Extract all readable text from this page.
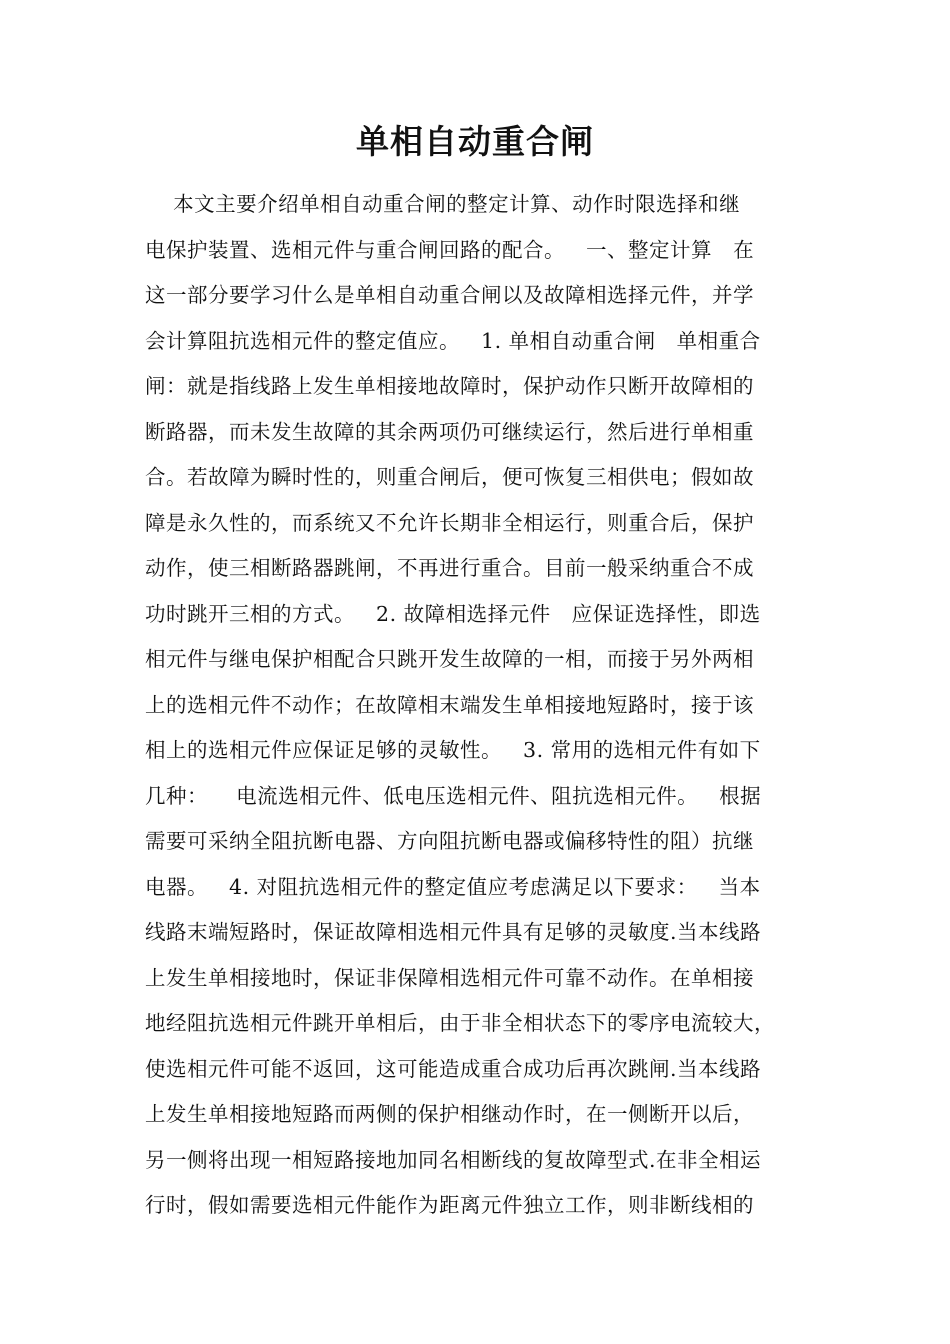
单相自动重合闸
本文主要介绍单相自动重合闸的整定计算、动作时限选择和继
电保护装置、选相元件与重合闸回路的配合。   一、整定计算   在
这一部分要学习什么是单相自动重合闸以及故障相选择元件，并学
会计算阻抗选相元件的整定值应。   1. 单相自动重合闸   单相重合
闸：就是指线路上发生单相接地故障时，保护动作只断开故障相的
断路器，而未发生故障的其余两项仍可继续运行，然后进行单相重
合。若故障为瞬时性的，则重合闸后，便可恢复三相供电；假如故
障是永久性的，而系统又不允许长期非全相运行，则重合后，保护
动作，使三相断路器跳闸，不再进行重合。目前一般采纳重合不成
功时跳开三相的方式。   2. 故障相选择元件   应保证选择性，即选
相元件与继电保护相配合只跳开发生故障的一相，而接于另外两相
上的选相元件不动作；在故障相末端发生单相接地短路时，接于该
相上的选相元件应保证足够的灵敏性。   3. 常用的选相元件有如下
几种：    电流选相元件、低电压选相元件、阻抗选相元件。   根据
需要可采纳全阻抗断电器、方向阻抗断电器或偏移特性的阻）抗继
电器。   4. 对阻抗选相元件的整定值应考虑满足以下要求：   当本
线路末端短路时，保证故障相选相元件具有足够的灵敏度.当本线路
上发生单相接地时，保证非保障相选相元件可靠不动作。在单相接
地经阻抗选相元件跳开单相后，由于非全相状态下的零序电流较大，
使选相元件可能不返回，这可能造成重合成功后再次跳闸.当本线路
上发生单相接地短路而两侧的保护相继动作时，在一侧断开以后，
另一侧将出现一相短路接地加同名相断线的复故障型式.在非全相运
行时，假如需要选相元件能作为距离元件独立工作，则非断线相的
